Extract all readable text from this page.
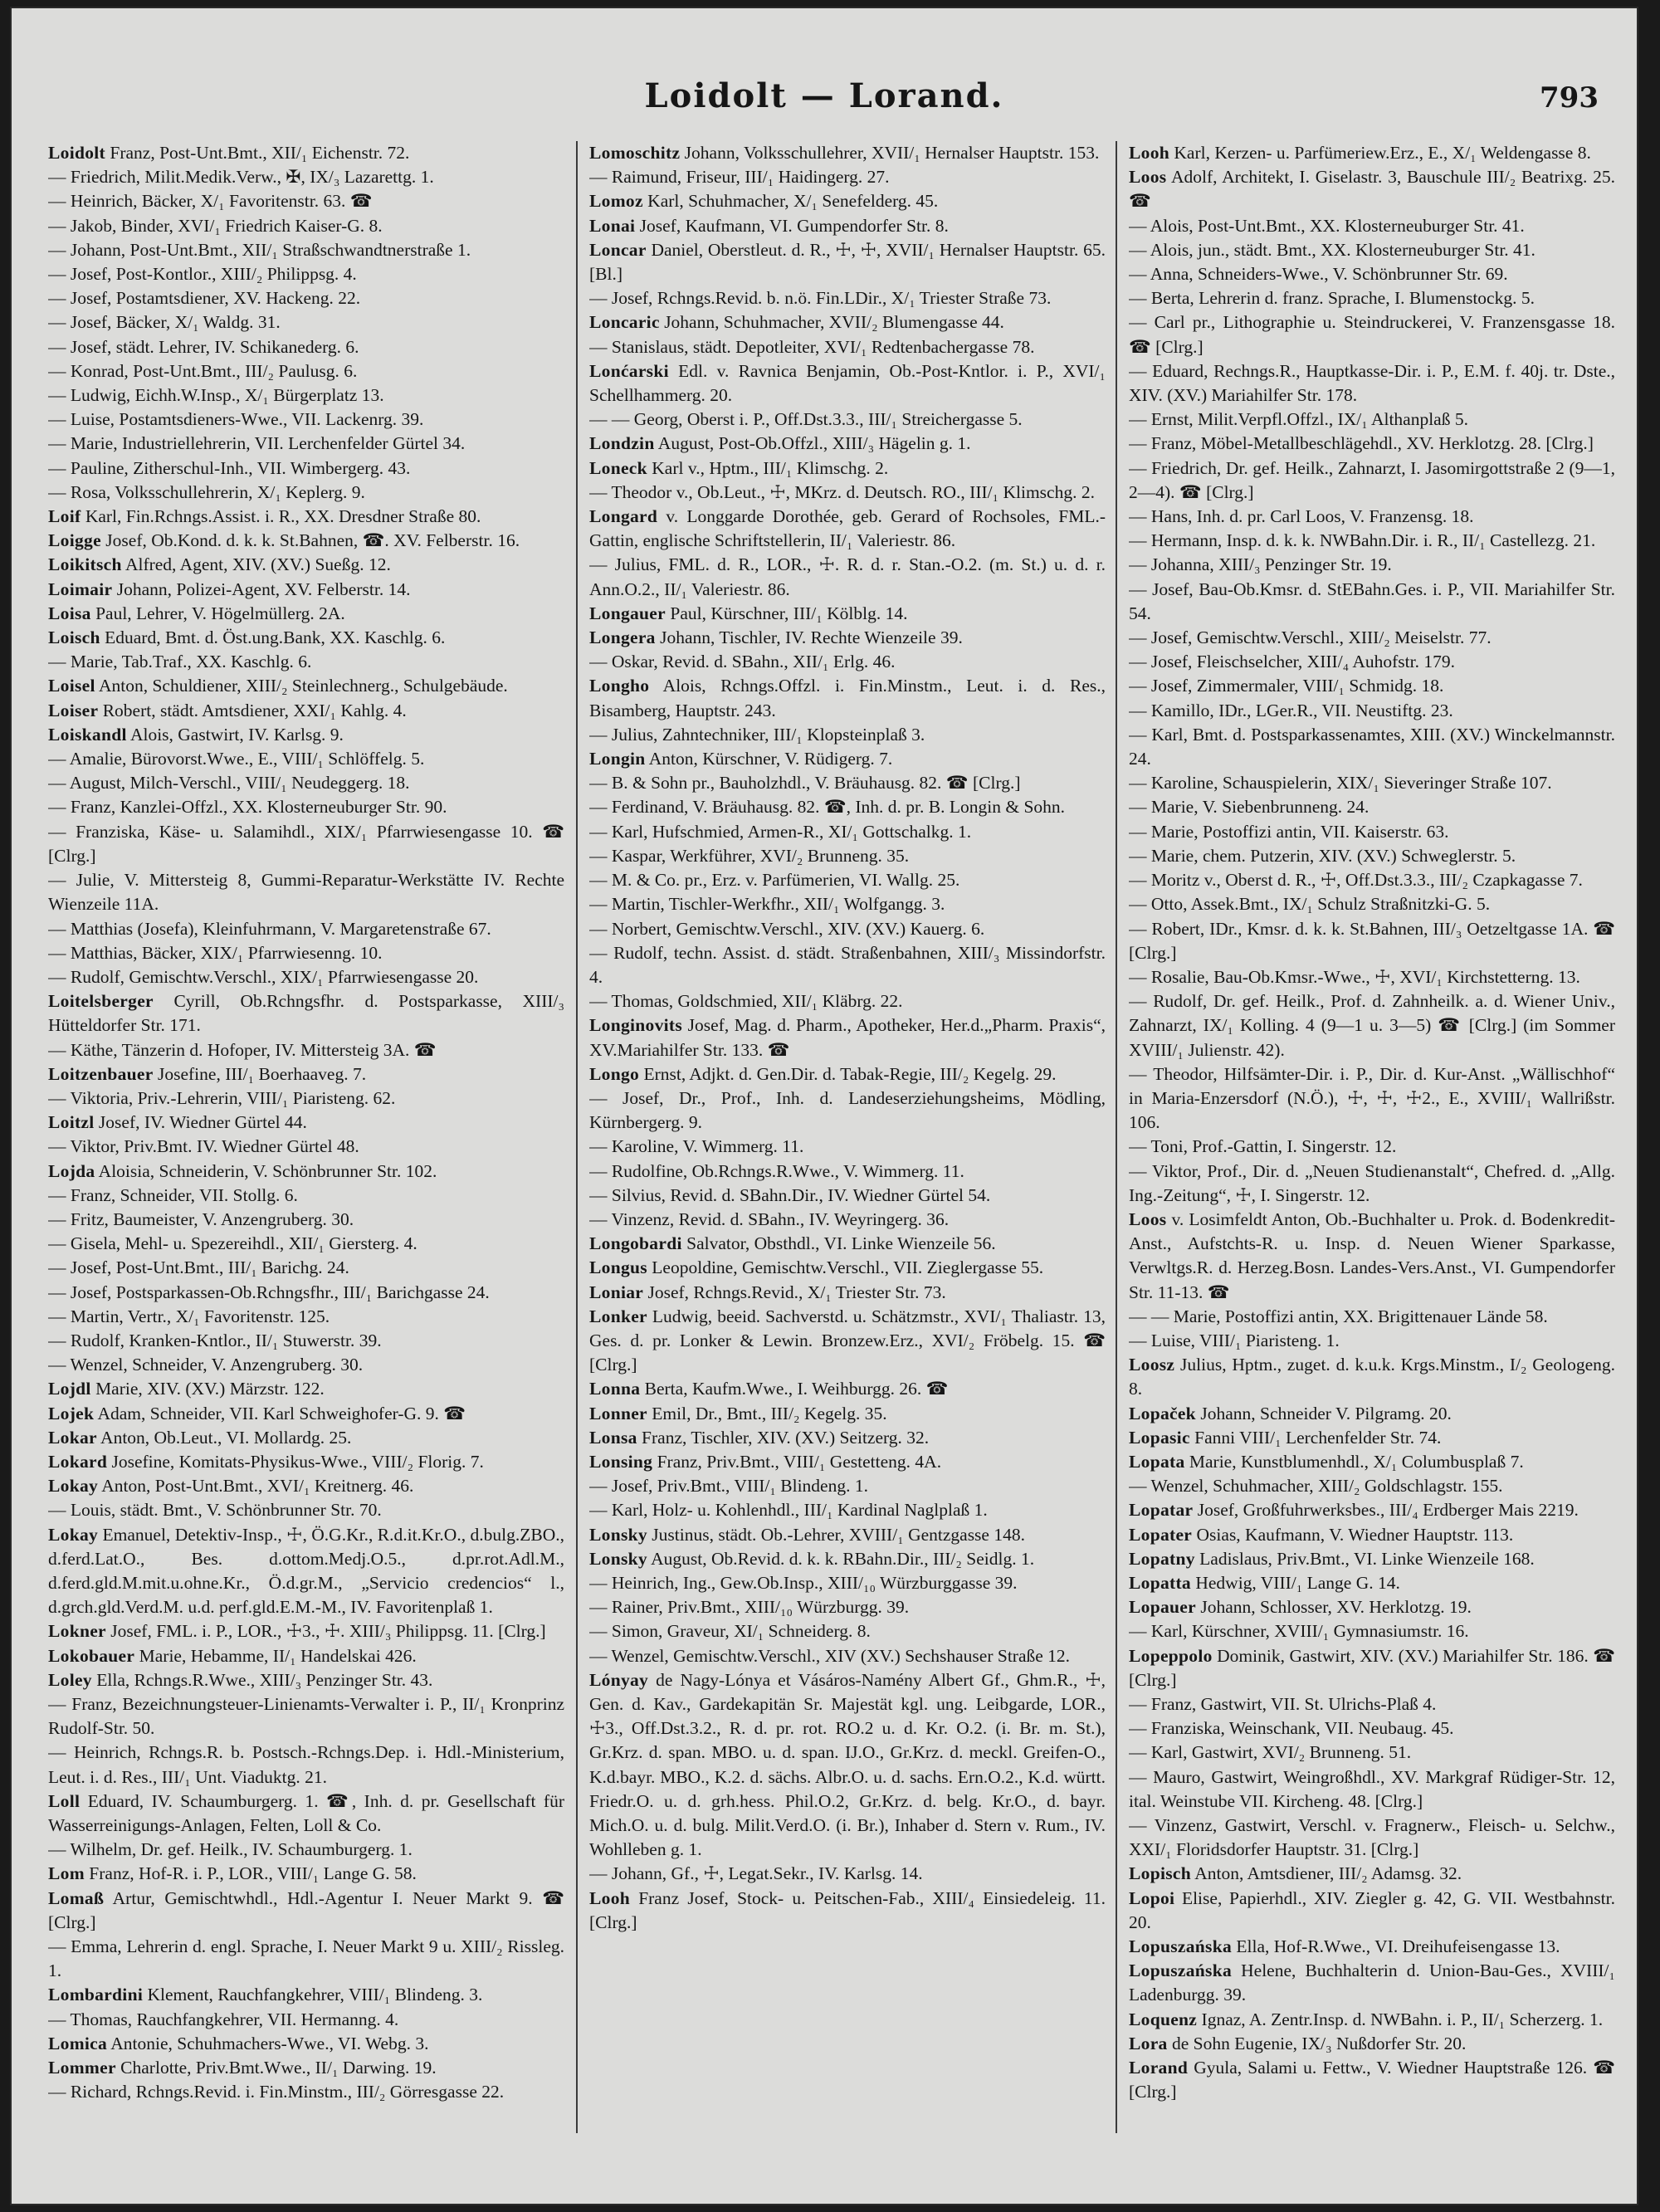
Loidolt — Lorand.	793

Loidolt Franz, Post-Unt.Bmt., XII/₁ Eichenstr. 72.

— Friedrich, Milit.Medik.Verw., ✠, IX/₃ Lazarettg. 1.

— Heinrich, Bäcker, X/₁ Favoritenstr. 63. ☎

— Jakob, Binder, XVI/₁ Friedrich Kaiser-G. 8.

— Johann, Post-Unt.Bmt., XII/₁ Straßschwandtnerstraße 1.

— Josef, Post-Kontlor., XIII/₂ Philippsg. 4.

— Josef, Postamtsdiener, XV. Hackeng. 22.

— Josef, Bäcker, X/₁ Waldg. 31.

— Josef, städt. Lehrer, IV. Schikanederg. 6.

— Konrad, Post-Unt.Bmt., III/₂ Paulusg. 6.

— Ludwig, Eichh.W.Insp., X/₁ Bürgerplatz 13.

— Luise, Postamtsdieners-Wwe., VII. Lackenrg. 39.

— Marie, Industriellehrerin, VII. Lerchenfelder Gürtel 34.

— Pauline, Zitherschul-Inh., VII. Wimbergerg. 43.

— Rosa, Volksschullehrerin, X/₁ Keplerg. 9.

Loif Karl, Fin.Rchngs.Assist. i. R., XX. Dresdner Straße 80.

Loigge Josef, Ob.Kond. d. k. k. St.Bahnen, ☎. XV. Felberstr. 16.

Loikitsch Alfred, Agent, XIV. (XV.) Sueßg. 12.

Loimair Johann, Polizei-Agent, XV. Felberstr. 14.

Loisa Paul, Lehrer, V. Högelmüllerg. 2A.

Loisch Eduard, Bmt. d. Öst.ung.Bank, XX. Kaschlg. 6.

— Marie, Tab.Traf., XX. Kaschlg. 6.

Loisel Anton, Schuldiener, XIII/₂ Steinlechnerg., Schulgebäude.

Loiser Robert, städt. Amtsdiener, XXI/₁ Kahlg. 4.

Loiskandl Alois, Gastwirt, IV. Karlsg. 9.

— Amalie, Bürovorst.Wwe., E., VIII/₁ Schlöffelg. 5.

— August, Milch-Verschl., VIII/₁ Neudeggerg. 18.

— Franz, Kanzlei-Offzl., XX. Klosterneuburger Str. 90.

— Franziska, Käse- u. Salamihdl., XIX/₁ Pfarrwiesengasse 10. ☎ [Clrg.]

— Julie, V. Mittersteig 8, Gummi-Reparatur-Werkstätte IV. Rechte Wienzeile 11A.

— Matthias (Josefa), Kleinfuhrmann, V. Margaretenstraße 67.

— Matthias, Bäcker, XIX/₁ Pfarrwiesenng. 10.

— Rudolf, Gemischtw.Verschl., XIX/₁ Pfarrwiesengasse 20.

Loitelsberger Cyrill, Ob.Rchngsfhr. d. Postsparkasse, XIII/₃ Hütteldorfer Str. 171.

— Käthe, Tänzerin d. Hofoper, IV. Mittersteig 3A. ☎

Loitzenbauer Josefine, III/₁ Boerhaaveg. 7.

— Viktoria, Priv.-Lehrerin, VIII/₁ Piaristeng. 62.

Loitzl Josef, IV. Wiedner Gürtel 44.

— Viktor, Priv.Bmt. IV. Wiedner Gürtel 48.

Lojda Aloisia, Schneiderin, V. Schönbrunner Str. 102.

— Franz, Schneider, VII. Stollg. 6.

— Fritz, Baumeister, V. Anzengruberg. 30.

— Gisela, Mehl- u. Spezereihdl., XII/₁ Giersterg. 4.

— Josef, Post-Unt.Bmt., III/₁ Barichg. 24.

— Josef, Postsparkassen-Ob.Rchngsfhr., III/₁ Barichgasse 24.

— Martin, Vertr., X/₁ Favoritenstr. 125.

— Rudolf, Kranken-Kntlor., II/₁ Stuwerstr. 39.

— Wenzel, Schneider, V. Anzengruberg. 30.

Lojdl Marie, XIV. (XV.) Märzstr. 122.

Lojek Adam, Schneider, VII. Karl Schweighofer-G. 9. ☎

Lokar Anton, Ob.Leut., VI. Mollardg. 25.

Lokard Josefine, Komitats-Physikus-Wwe., VIII/₂ Florig. 7.

Lokay Anton, Post-Unt.Bmt., XVI/₁ Kreitnerg. 46.

— Louis, städt. Bmt., V. Schönbrunner Str. 70.

Lokay Emanuel, Detektiv-Insp., ☩, Ö.G.Kr., R.d.it.Kr.O., d.bulg.ZBO., d.ferd.Lat.O., Bes. d.ottom.Medj.O.5., d.pr.rot.Adl.M., d.ferd.gld.M.mit.u.ohne.Kr., Ö.d.gr.M., „Servicio credencios“ l., d.grch.gld.Verd.M. u.d. perf.gld.E.M.-M., IV. Favoritenplaß 1.

Lokner Josef, FML. i. P., LOR., ☩3., ☩. XIII/₃ Philippsg. 11. [Clrg.]

Lokobauer Marie, Hebamme, II/₁ Handelskai 426.

Loley Ella, Rchngs.R.Wwe., XIII/₃ Penzinger Str. 43.

— Franz, Bezeichnungsteuer-Linienamts-Verwalter i. P., II/₁ Kronprinz Rudolf-Str. 50.

— Heinrich, Rchngs.R. b. Postsch.-Rchngs.Dep. i. Hdl.-Ministerium, Leut. i. d. Res., III/₁ Unt. Viaduktg. 21.

Loll Eduard, IV. Schaumburgerg. 1. ☎, Inh. d. pr. Gesellschaft für Wasserreinigungs-Anlagen, Felten, Loll & Co.

— Wilhelm, Dr. gef. Heilk., IV. Schaumburgerg. 1.

Lom Franz, Hof-R. i. P., LOR., VIII/₁ Lange G. 58.

Lomaß Artur, Gemischtwhdl., Hdl.-Agentur I. Neuer Markt 9. ☎ [Clrg.]

— Emma, Lehrerin d. engl. Sprache, I. Neuer Markt 9 u. XIII/₂ Rissleg. 1.

Lombardini Klement, Rauchfangkehrer, VIII/₁ Blindeng. 3.

— Thomas, Rauchfangkehrer, VII. Hermanng. 4.

Lomica Antonie, Schuhmachers-Wwe., VI. Webg. 3.

Lommer Charlotte, Priv.Bmt.Wwe., II/₁ Darwing. 19.

— Richard, Rchngs.Revid. i. Fin.Minstm., III/₂ Görresgasse 22.

Lomoschitz Johann, Volksschullehrer, XVII/₁ Hernalser Hauptstr. 153.

— Raimund, Friseur, III/₁ Haidingerg. 27.

Lomoz Karl, Schuhmacher, X/₁ Senefelderg. 45.

Lonai Josef, Kaufmann, VI. Gumpendorfer Str. 8.

Loncar Daniel, Oberstleut. d. R., ☩, ☩, XVII/₁ Hernalser Hauptstr. 65. [Bl.]

— Josef, Rchngs.Revid. b. n.ö. Fin.LDir., X/₁ Triester Straße 73.

Loncaric Johann, Schuhmacher, XVII/₂ Blumengasse 44.

— Stanislaus, städt. Depotleiter, XVI/₁ Redtenbachergasse 78.

Lonćarski Edl. v. Ravnica Benjamin, Ob.-Post-Kntlor. i. P., XVI/₁ Schellhammerg. 20.

— — Georg, Oberst i. P., Off.Dst.3.3., III/₁ Streichergasse 5.

Londzin August, Post-Ob.Offzl., XIII/₃ Hägelin g. 1.

Loneck Karl v., Hptm., III/₁ Klimschg. 2.

— Theodor v., Ob.Leut., ☩, MKrz. d. Deutsch. RO., III/₁ Klimschg. 2.

Longard v. Longgarde Dorothée, geb. Gerard of Rochsoles, FML.-Gattin, englische Schriftstellerin, II/₁ Valeriestr. 86.

— Julius, FML. d. R., LOR., ☩. R. d. r. Stan.-O.2. (m. St.) u. d. r. Ann.O.2., II/₁ Valeriestr. 86.

Longauer Paul, Kürschner, III/₁ Kölblg. 14.

Longera Johann, Tischler, IV. Rechte Wienzeile 39.

— Oskar, Revid. d. SBahn., XII/₁ Erlg. 46.

Longho Alois, Rchngs.Offzl. i. Fin.Minstm., Leut. i. d. Res., Bisamberg, Hauptstr. 243.

— Julius, Zahntechniker, III/₁ Klopsteinplaß 3.

Longin Anton, Kürschner, V. Rüdigerg. 7.

— B. & Sohn pr., Bauholzhdl., V. Bräuhausg. 82. ☎ [Clrg.]

— Ferdinand, V. Bräuhausg. 82. ☎, Inh. d. pr. B. Longin & Sohn.

— Karl, Hufschmied, Armen-R., XI/₁ Gottschalkg. 1.

— Kaspar, Werkführer, XVI/₂ Brunneng. 35.

— M. & Co. pr., Erz. v. Parfümerien, VI. Wallg. 25.

— Martin, Tischler-Werkfhr., XII/₁ Wolfgangg. 3.

— Norbert, Gemischtw.Verschl., XIV. (XV.) Kauerg. 6.

— Rudolf, techn. Assist. d. städt. Straßenbahnen, XIII/₃ Missindorfstr. 4.

— Thomas, Goldschmied, XII/₁ Kläbrg. 22.

Longinovits Josef, Mag. d. Pharm., Apotheker, Her.d.„Pharm. Praxis“, XV.Mariahilfer Str. 133. ☎

Longo Ernst, Adjkt. d. Gen.Dir. d. Tabak-Regie, III/₂ Kegelg. 29.

— Josef, Dr., Prof., Inh. d. Landeserziehungsheims, Mödling, Kürnbergerg. 9.

— Karoline, V. Wimmerg. 11.

— Rudolfine, Ob.Rchngs.R.Wwe., V. Wimmerg. 11.

— Silvius, Revid. d. SBahn.Dir., IV. Wiedner Gürtel 54.

— Vinzenz, Revid. d. SBahn., IV. Weyringerg. 36.

Longobardi Salvator, Obsthdl., VI. Linke Wienzeile 56.

Longus Leopoldine, Gemischtw.Verschl., VII. Zieglergasse 55.

Loniar Josef, Rchngs.Revid., X/₁ Triester Str. 73.

Lonker Ludwig, beeid. Sachverstd. u. Schätzmstr., XVI/₁ Thaliastr. 13, Ges. d. pr. Lonker & Lewin. Bronzew.Erz., XVI/₂ Fröbelg. 15. ☎ [Clrg.]

Lonna Berta, Kaufm.Wwe., I. Weihburgg. 26. ☎

Lonner Emil, Dr., Bmt., III/₂ Kegelg. 35.

Lonsa Franz, Tischler, XIV. (XV.) Seitzerg. 32.

Lonsing Franz, Priv.Bmt., VIII/₁ Gestetteng. 4A.

— Josef, Priv.Bmt., VIII/₁ Blindeng. 1.

— Karl, Holz- u. Kohlenhdl., III/₁ Kardinal Naglplaß 1.

Lonsky Justinus, städt. Ob.-Lehrer, XVIII/₁ Gentzgasse 148.

Lonsky August, Ob.Revid. d. k. k. RBahn.Dir., III/₂ Seidlg. 1.

— Heinrich, Ing., Gew.Ob.Insp., XIII/₁₀ Würzburggasse 39.

— Rainer, Priv.Bmt., XIII/₁₀ Würzburgg. 39.

— Simon, Graveur, XI/₁ Schneiderg. 8.

— Wenzel, Gemischtw.Verschl., XIV (XV.) Sechshauser Straße 12.

Lónyay de Nagy-Lónya et Vásáros-Namény Albert Gf., Ghm.R., ☩, Gen. d. Kav., Gardekapitän Sr. Majestät kgl. ung. Leibgarde, LOR., ☩3., Off.Dst.3.2., R. d. pr. rot. RO.2 u. d. Kr. O.2. (i. Br. m. St.), Gr.Krz. d. span. MBO. u. d. span. IJ.O., Gr.Krz. d. meckl. Greifen-O., K.d.bayr. MBO., K.2. d. sächs. Albr.O. u. d. sachs. Ern.O.2., K.d. württ. Friedr.O. u. d. grh.hess. Phil.O.2, Gr.Krz. d. belg. Kr.O., d. bayr. Mich.O. u. d. bulg. Milit.Verd.O. (i. Br.), Inhaber d. Stern v. Rum., IV. Wohlleben g. 1.

— Johann, Gf., ☩, Legat.Sekr., IV. Karlsg. 14.

Looh Franz Josef, Stock- u. Peitschen-Fab., XIII/₄ Einsiedeleig. 11. [Clrg.]

Looh Karl, Kerzen- u. Parfümeriew.Erz., E., X/₁ Weldengasse 8.

Loos Adolf, Architekt, I. Giselastr. 3, Bauschule III/₂ Beatrixg. 25. ☎

— Alois, Post-Unt.Bmt., XX. Klosterneuburger Str. 41.

— Alois, jun., städt. Bmt., XX. Klosterneuburger Str. 41.

— Anna, Schneiders-Wwe., V. Schönbrunner Str. 69.

— Berta, Lehrerin d. franz. Sprache, I. Blumenstockg. 5.

— Carl pr., Lithographie u. Steindruckerei, V. Franzensgasse 18. ☎ [Clrg.]

— Eduard, Rechngs.R., Hauptkasse-Dir. i. P., E.M. f. 40j. tr. Dste., XIV. (XV.) Mariahilfer Str. 178.

— Ernst, Milit.Verpfl.Offzl., IX/₁ Althanplaß 5.

— Franz, Möbel-Metallbeschlägehdl., XV. Herklotzg. 28. [Clrg.]

— Friedrich, Dr. gef. Heilk., Zahnarzt, I. Jasomirgottstraße 2 (9—1, 2—4). ☎ [Clrg.]

— Hans, Inh. d. pr. Carl Loos, V. Franzensg. 18.

— Hermann, Insp. d. k. k. NWBahn.Dir. i. R., II/₁ Castellezg. 21.

— Johanna, XIII/₃ Penzinger Str. 19.

— Josef, Bau-Ob.Kmsr. d. StEBahn.Ges. i. P., VII. Mariahilfer Str. 54.

— Josef, Gemischtw.Verschl., XIII/₂ Meiselstr. 77.

— Josef, Fleischselcher, XIII/₄ Auhofstr. 179.

— Josef, Zimmermaler, VIII/₁ Schmidg. 18.

— Kamillo, IDr., LGer.R., VII. Neustiftg. 23.

— Karl, Bmt. d. Postsparkassenamtes, XIII. (XV.) Winckelmannstr. 24.

— Karoline, Schauspielerin, XIX/₁ Sieveringer Straße 107.

— Marie, V. Siebenbrunneng. 24.

— Marie, Postoffizi antin, VII. Kaiserstr. 63.

— Marie, chem. Putzerin, XIV. (XV.) Schweglerstr. 5.

— Moritz v., Oberst d. R., ☩, Off.Dst.3.3., III/₂ Czapkagasse 7.

— Otto, Assek.Bmt., IX/₁ Schulz Straßnitzki-G. 5.

— Robert, IDr., Kmsr. d. k. k. St.Bahnen, III/₃ Oetzeltgasse 1A. ☎ [Clrg.]

— Rosalie, Bau-Ob.Kmsr.-Wwe., ☩, XVI/₁ Kirchstetterng. 13.

— Rudolf, Dr. gef. Heilk., Prof. d. Zahnheilk. a. d. Wiener Univ., Zahnarzt, IX/₁ Kolling. 4 (9—1 u. 3—5) ☎ [Clrg.] (im Sommer XVIII/₁ Julienstr. 42).

— Theodor, Hilfsämter-Dir. i. P., Dir. d. Kur-Anst. „Wällischhof“ in Maria-Enzersdorf (N.Ö.), ☩, ☩, ☩2., E., XVIII/₁ Wallrißstr. 106.

— Toni, Prof.-Gattin, I. Singerstr. 12.

— Viktor, Prof., Dir. d. „Neuen Studienanstalt“, Chefred. d. „Allg. Ing.-Zeitung“, ☩, I. Singerstr. 12.

Loos v. Losimfeldt Anton, Ob.-Buchhalter u. Prok. d. Bodenkredit-Anst., Aufstchts-R. u. Insp. d. Neuen Wiener Sparkasse, Verwltgs.R. d. Herzeg.Bosn. Landes-Vers.Anst., VI. Gumpendorfer Str. 11-13. ☎

— — Marie, Postoffizi antin, XX. Brigittenauer Lände 58.

— Luise, VIII/₁ Piaristeng. 1.

Loosz Julius, Hptm., zuget. d. k.u.k. Krgs.Minstm., I/₂ Geologeng. 8.

Lopaček Johann, Schneider V. Pilgramg. 20.

Lopasic Fanni VIII/₁ Lerchenfelder Str. 74.

Lopata Marie, Kunstblumenhdl., X/₁ Columbusplaß 7.

— Wenzel, Schuhmacher, XIII/₂ Goldschlagstr. 155.

Lopatar Josef, Großfuhrwerksbes., III/₄ Erdberger Mais 2219.

Lopater Osias, Kaufmann, V. Wiedner Hauptstr. 113.

Lopatny Ladislaus, Priv.Bmt., VI. Linke Wienzeile 168.

Lopatta Hedwig, VIII/₁ Lange G. 14.

Lopauer Johann, Schlosser, XV. Herklotzg. 19.

— Karl, Kürschner, XVIII/₁ Gymnasiumstr. 16.

Lopeppolo Dominik, Gastwirt, XIV. (XV.) Mariahilfer Str. 186. ☎ [Clrg.]

— Franz, Gastwirt, VII. St. Ulrichs-Plaß 4.

— Franziska, Weinschank, VII. Neubaug. 45.

— Karl, Gastwirt, XVI/₂ Brunneng. 51.

— Mauro, Gastwirt, Weingroßhdl., XV. Markgraf Rüdiger-Str. 12, ital. Weinstube VII. Kircheng. 48. [Clrg.]

— Vinzenz, Gastwirt, Verschl. v. Fragnerw., Fleisch- u. Selchw., XXI/₁ Floridsdorfer Hauptstr. 31. [Clrg.]

Lopisch Anton, Amtsdiener, III/₂ Adamsg. 32.

Lopoi Elise, Papierhdl., XIV. Ziegler g. 42, G. VII. Westbahnstr. 20.

Lopuszańska Ella, Hof-R.Wwe., VI. Dreihufeisengasse 13.

Lopuszańska Helene, Buchhalterin d. Union-Bau-Ges., XVIII/₁ Ladenburgg. 39.

Loquenz Ignaz, A. Zentr.Insp. d. NWBahn. i. P., II/₁ Scherzerg. 1.

Lora de Sohn Eugenie, IX/₃ Nußdorfer Str. 20.

Lorand Gyula, Salami u. Fettw., V. Wiedner Hauptstraße 126. ☎ [Clrg.]
